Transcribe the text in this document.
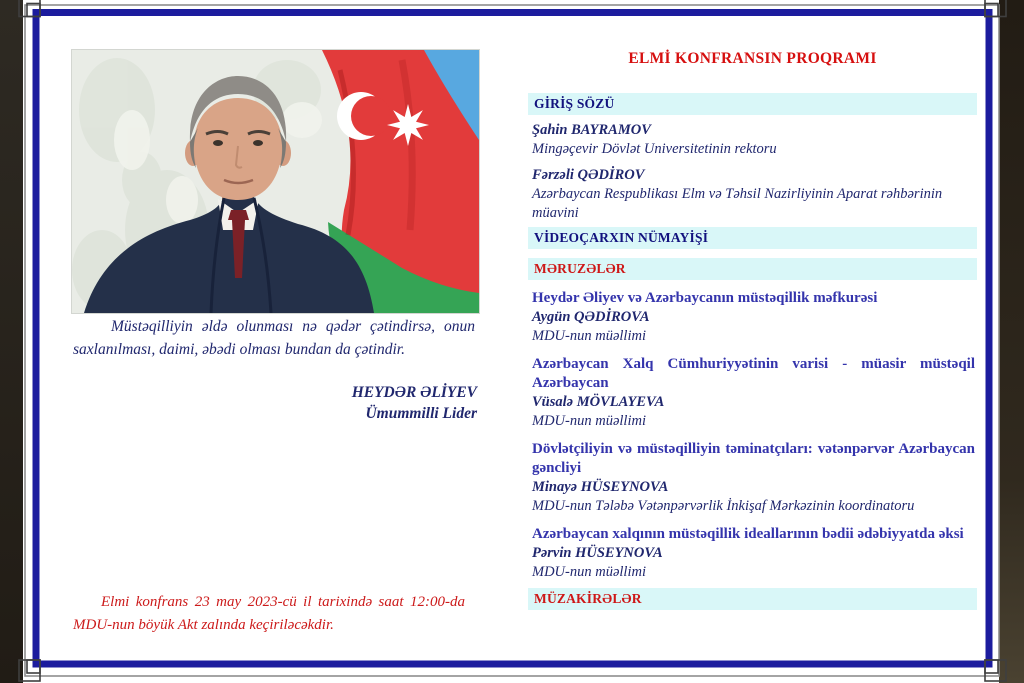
Müstəqilliyin əldə olunması nə qədər çətindirsə, onun saxlanılması, daimi, əbədi olması bundan da çətindir.
HEYDƏR ƏLİYEV
Ümummilli Lider
Elmi konfrans 23 may 2023-cü il tarixində saat 12:00-da MDU-nun böyük Akt zalında keçiriləcəkdir.
ELMİ KONFRANSIN PROQRAMI
GİRİŞ SÖZÜ
Şahin BAYRAMOV
Mingəçevir Dövlət Universitetinin rektoru
Fərzəli QƏDİROV
Azərbaycan Respublikası Elm və Təhsil Nazirliyinin Aparat rəhbərinin müavini
VİDEOÇARXIN NÜMAYİŞİ
MƏRUZƏLƏR
Heydər Əliyev və Azərbaycanın müstəqillik məfkurəsi
Aygün QƏDİROVA
MDU-nun müəllimi
Azərbaycan Xalq Cümhuriyyətinin varisi - müasir müstəqil Azərbaycan
Vüsalə MÖVLAYEVA
MDU-nun müəllimi
Dövlətçiliyin və müstəqilliyin təminatçıları: vətənpərvər Azərbaycan gəncliyi
Minayə HÜSEYNOVA
MDU-nun Tələbə Vətənpərvərlik İnkişaf Mərkəzinin koordinatoru
Azərbaycan xalqının müstəqillik ideallarının bədii ədəbiyyatda əksi
Pərvin HÜSEYNOVA
MDU-nun müəllimi
MÜZAKİRƏLƏR
